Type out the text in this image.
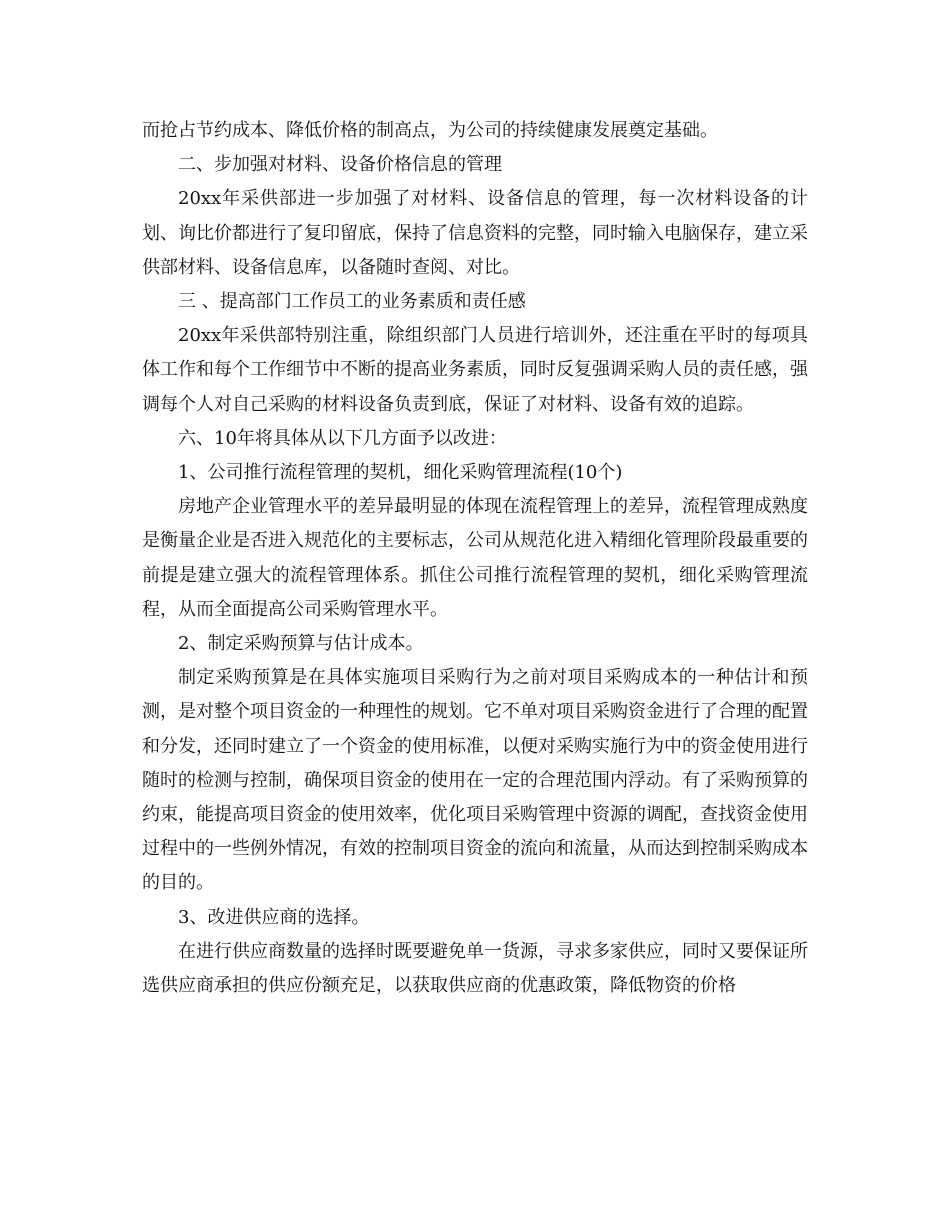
而抢占节约成本、降低价格的制高点，为公司的持续健康发展奠定基础。

二、步加强对材料、设备价格信息的管理

20xx年采供部进一步加强了对材料、设备信息的管理，每一次材料设备的计划、询比价都进行了复印留底，保持了信息资料的完整，同时输入电脑保存，建立采供部材料、设备信息库，以备随时查阅、对比。

三 、提高部门工作员工的业务素质和责任感

20xx年采供部特别注重，除组织部门人员进行培训外，还注重在平时的每项具体工作和每个工作细节中不断的提高业务素质，同时反复强调采购人员的责任感，强调每个人对自己采购的材料设备负责到底，保证了对材料、设备有效的追踪。

六、10年将具体从以下几方面予以改进：

1、公司推行流程管理的契机，细化采购管理流程(10个)

房地产企业管理水平的差异最明显的体现在流程管理上的差异，流程管理成熟度是衡量企业是否进入规范化的主要标志，公司从规范化进入精细化管理阶段最重要的前提是建立强大的流程管理体系。抓住公司推行流程管理的契机，细化采购管理流程，从而全面提高公司采购管理水平。

2、制定采购预算与估计成本。

制定采购预算是在具体实施项目采购行为之前对项目采购成本的一种估计和预测，是对整个项目资金的一种理性的规划。它不单对项目采购资金进行了合理的配置和分发，还同时建立了一个资金的使用标准，以便对采购实施行为中的资金使用进行随时的检测与控制，确保项目资金的使用在一定的合理范围内浮动。有了采购预算的约束，能提高项目资金的使用效率，优化项目采购管理中资源的调配，查找资金使用过程中的一些例外情况，有效的控制项目资金的流向和流量，从而达到控制采购成本的目的。

3、改进供应商的选择。

在进行供应商数量的选择时既要避免单一货源，寻求多家供应，同时又要保证所选供应商承担的供应份额充足，以获取供应商的优惠政策，降低物资的价格
